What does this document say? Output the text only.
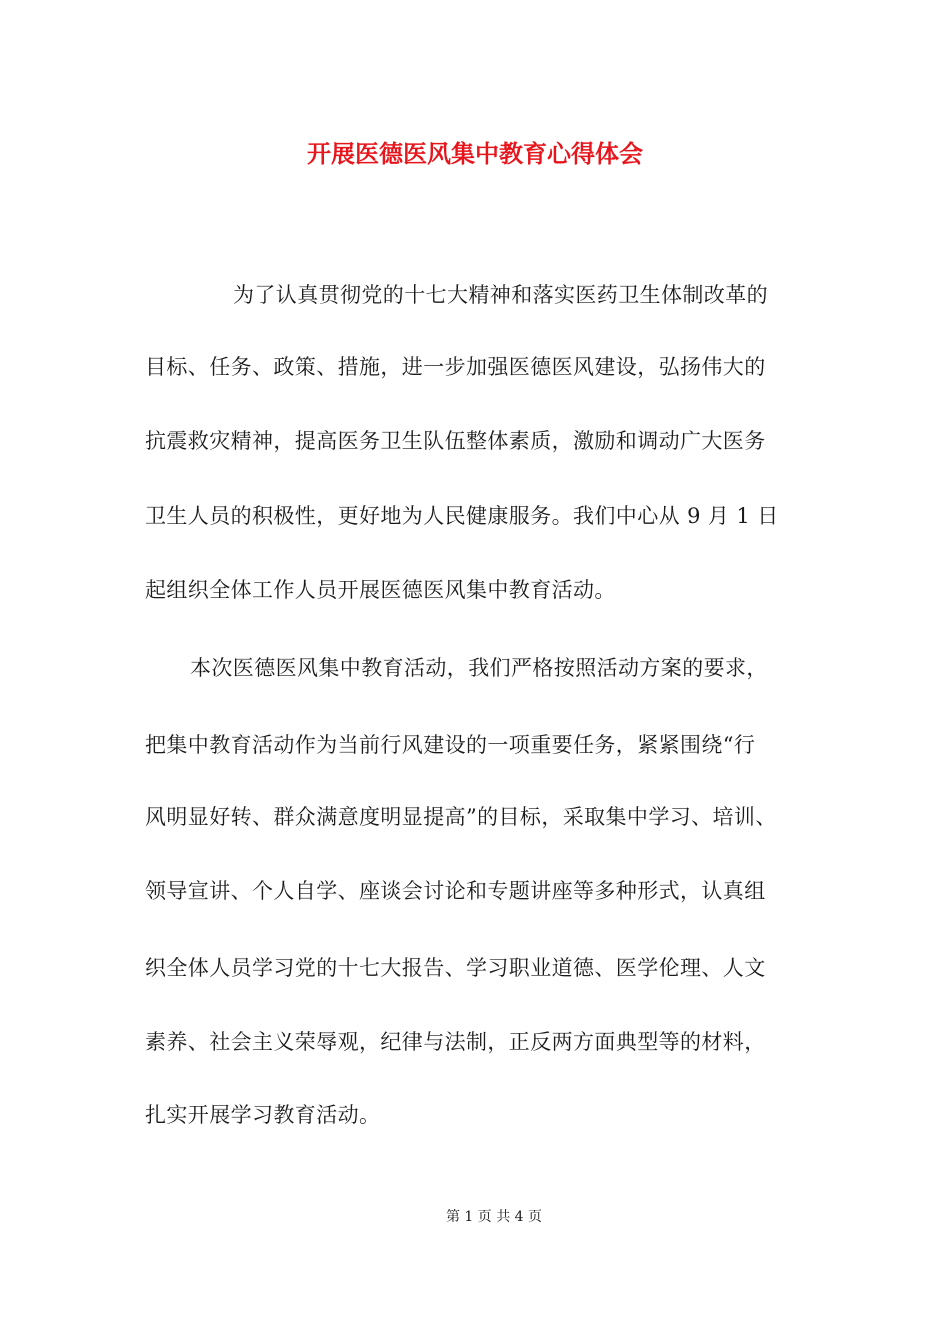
开展医德医风集中教育心得体会

为了认真贯彻党的十七大精神和落实医药卫生体制改革的

目标、任务、政策、措施，进一步加强医德医风建设，弘扬伟大的

抗震救灾精神，提高医务卫生队伍整体素质，激励和调动广大医务

卫生人员的积极性，更好地为人民健康服务。我们中心从 9 月 1 日

起组织全体工作人员开展医德医风集中教育活动。

本次医德医风集中教育活动，我们严格按照活动方案的要求，

把集中教育活动作为当前行风建设的一项重要任务，紧紧围绕“行

风明显好转、群众满意度明显提高”的目标，采取集中学习、培训、

领导宣讲、个人自学、座谈会讨论和专题讲座等多种形式，认真组

织全体人员学习党的十七大报告、学习职业道德、医学伦理、人文

素养、社会主义荣辱观，纪律与法制，正反两方面典型等的材料，

扎实开展学习教育活动。

第 1 页 共 4 页
